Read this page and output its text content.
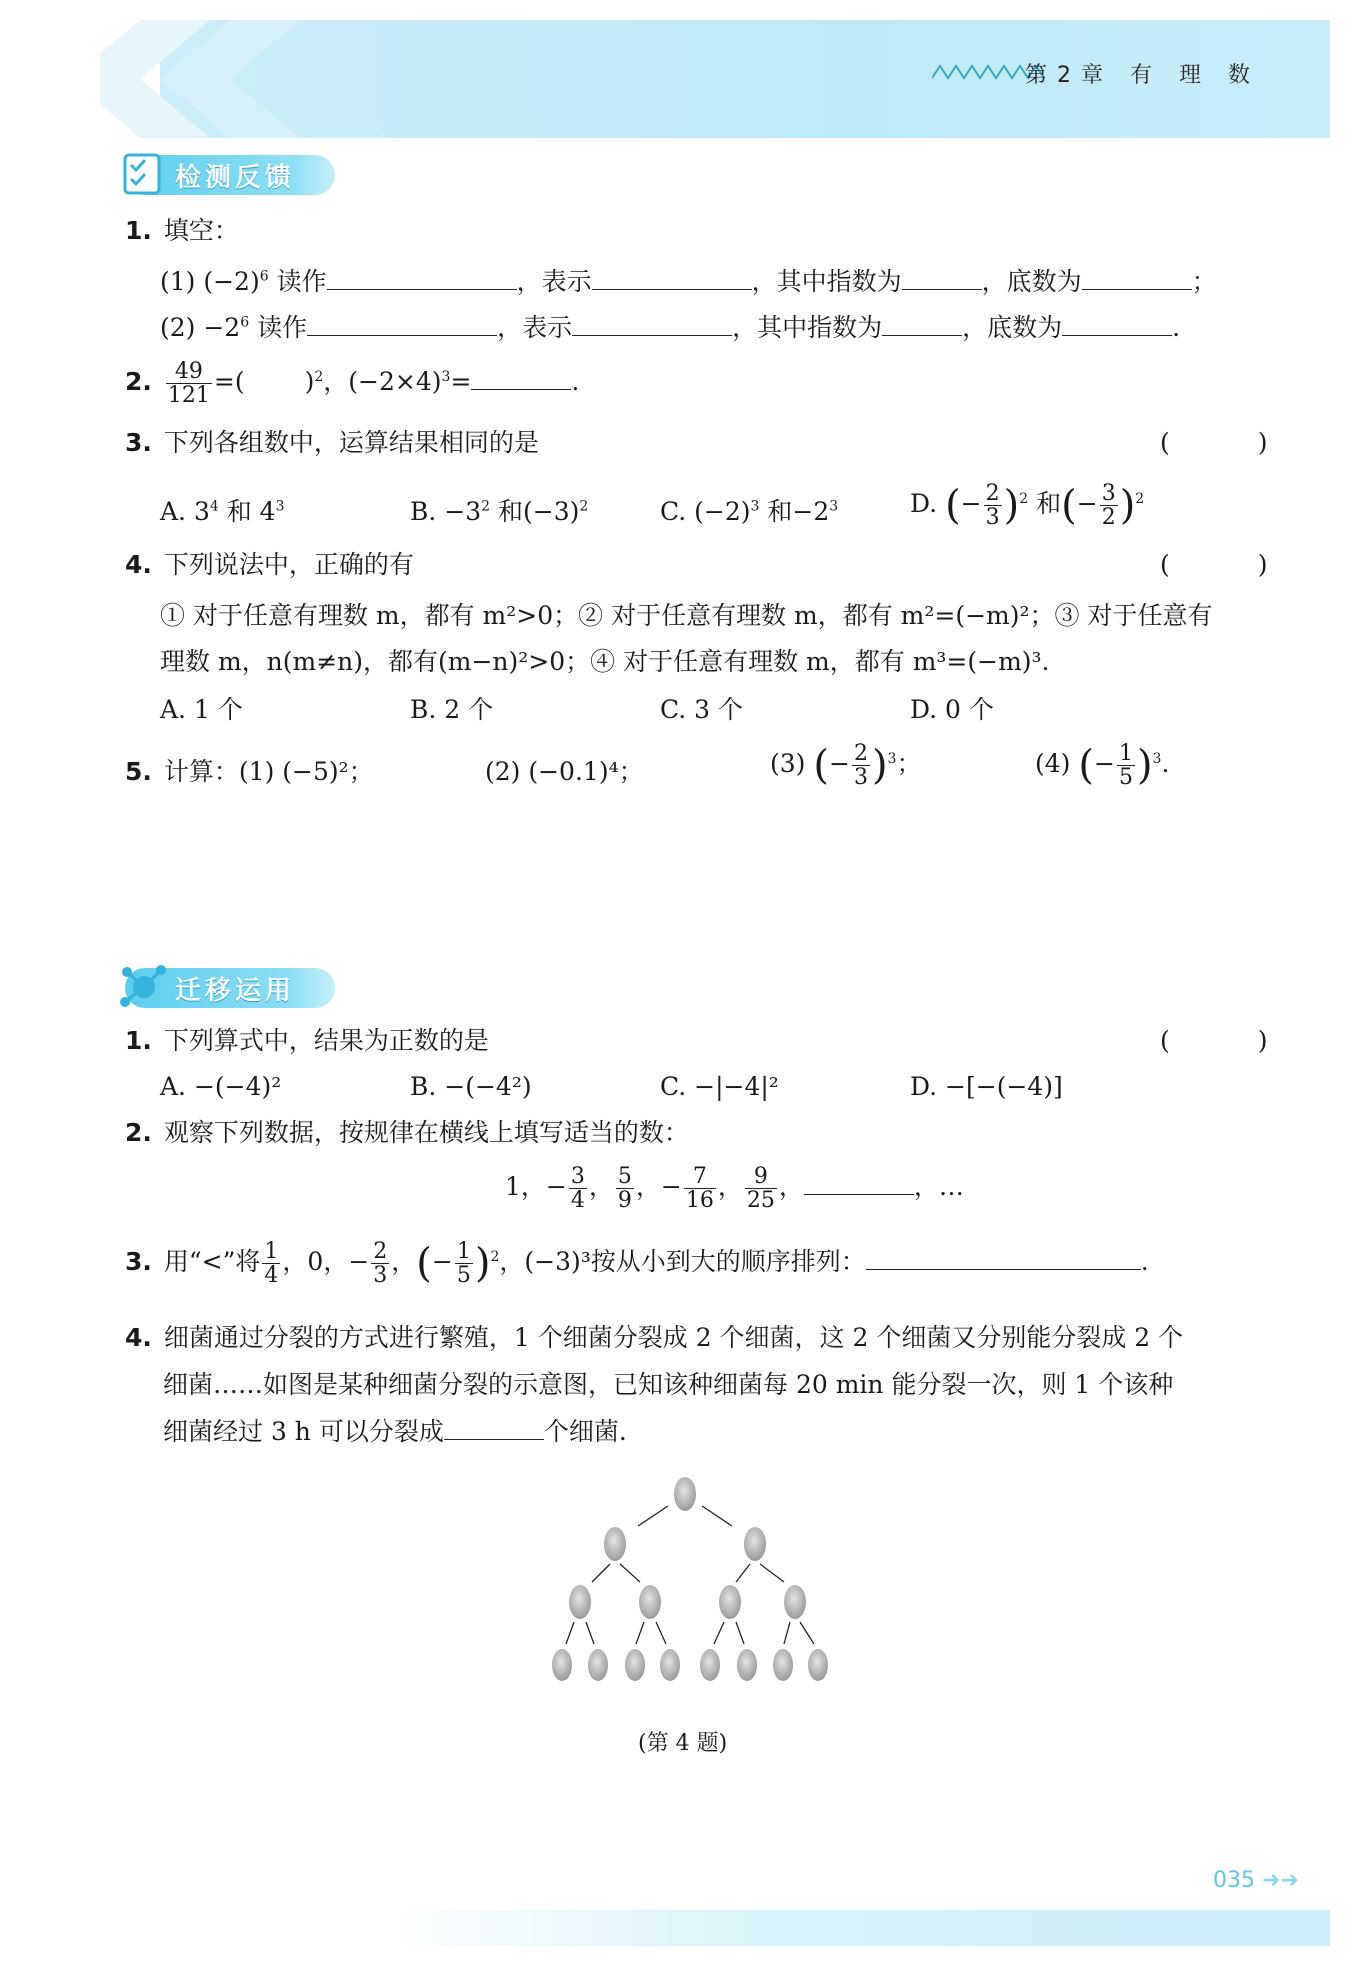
第2章 有 理 数
检测反馈
1. 填空：
(1) $(-2)^6$ 读作	，表示	，其中指数为	，底数为	；
$(2) -2^6$ 读作	，表示	，其中指数为	，底数为	.
2. $\frac{49}{121}$ =( )$^2$，$(-2\times 4)^3=$	.
3. 下列各组数中，运算结果相同的是	( )
A. $3^4$ 和 $4^3$	B. $-3^2$ 和$(-3)^2$	C. $(-2)^3$ 和$-2^3$	D. (− $\frac{2}{3} )^2$ 和(− $\frac{3}{2} )^2$
4. 下列说法中，正确的有	( )
① 对于任意有理数 m，都有 m²>0；② 对于任意有理数 m，都有 m²=(−m)²；③ 对于任意有
理数 m，n(m≠n)，都有(m−n)²>0；④ 对于任意有理数 m，都有 m³=(−m)³.
A. 1 个	B. 2 个	C. 3 个	D. 0 个
5. 计算：(1) (−5)²；	(2) (−0.1)⁴；	(3) (− $\frac{2}{3} )^3$；	(4) (− $\frac{1}{5} )^3$.
迁移运用
1. 下列算式中，结果为正数的是	( )
A. −(−4)²	B. −(−4²)	C. −|−4|²	D. −[−(−4)]
2. 观察下列数据，按规律在横线上填写适当的数：
1，− $\frac{3}{4}$ ， $\frac{5}{9}$ ，− $\frac{7}{16}$ ， $\frac{9}{25}$ ，	，…
3. 用“<”将 $\frac{1}{4}$ ，0，− $\frac{2}{3}$ ，(− $\frac{1}{5} )^2$，(−3)³按从小到大的顺序排列：	.
4. 细菌通过分裂的方式进行繁殖，1 个细菌分裂成 2 个细菌，这 2 个细菌又分别能分裂成 2 个
细菌……如图是某种细菌分裂的示意图，已知该种细菌每 20 min 能分裂一次，则 1 个该种
细菌经过 3 h 可以分裂成	个细菌.
(第 4 题)
035 ➜➜
